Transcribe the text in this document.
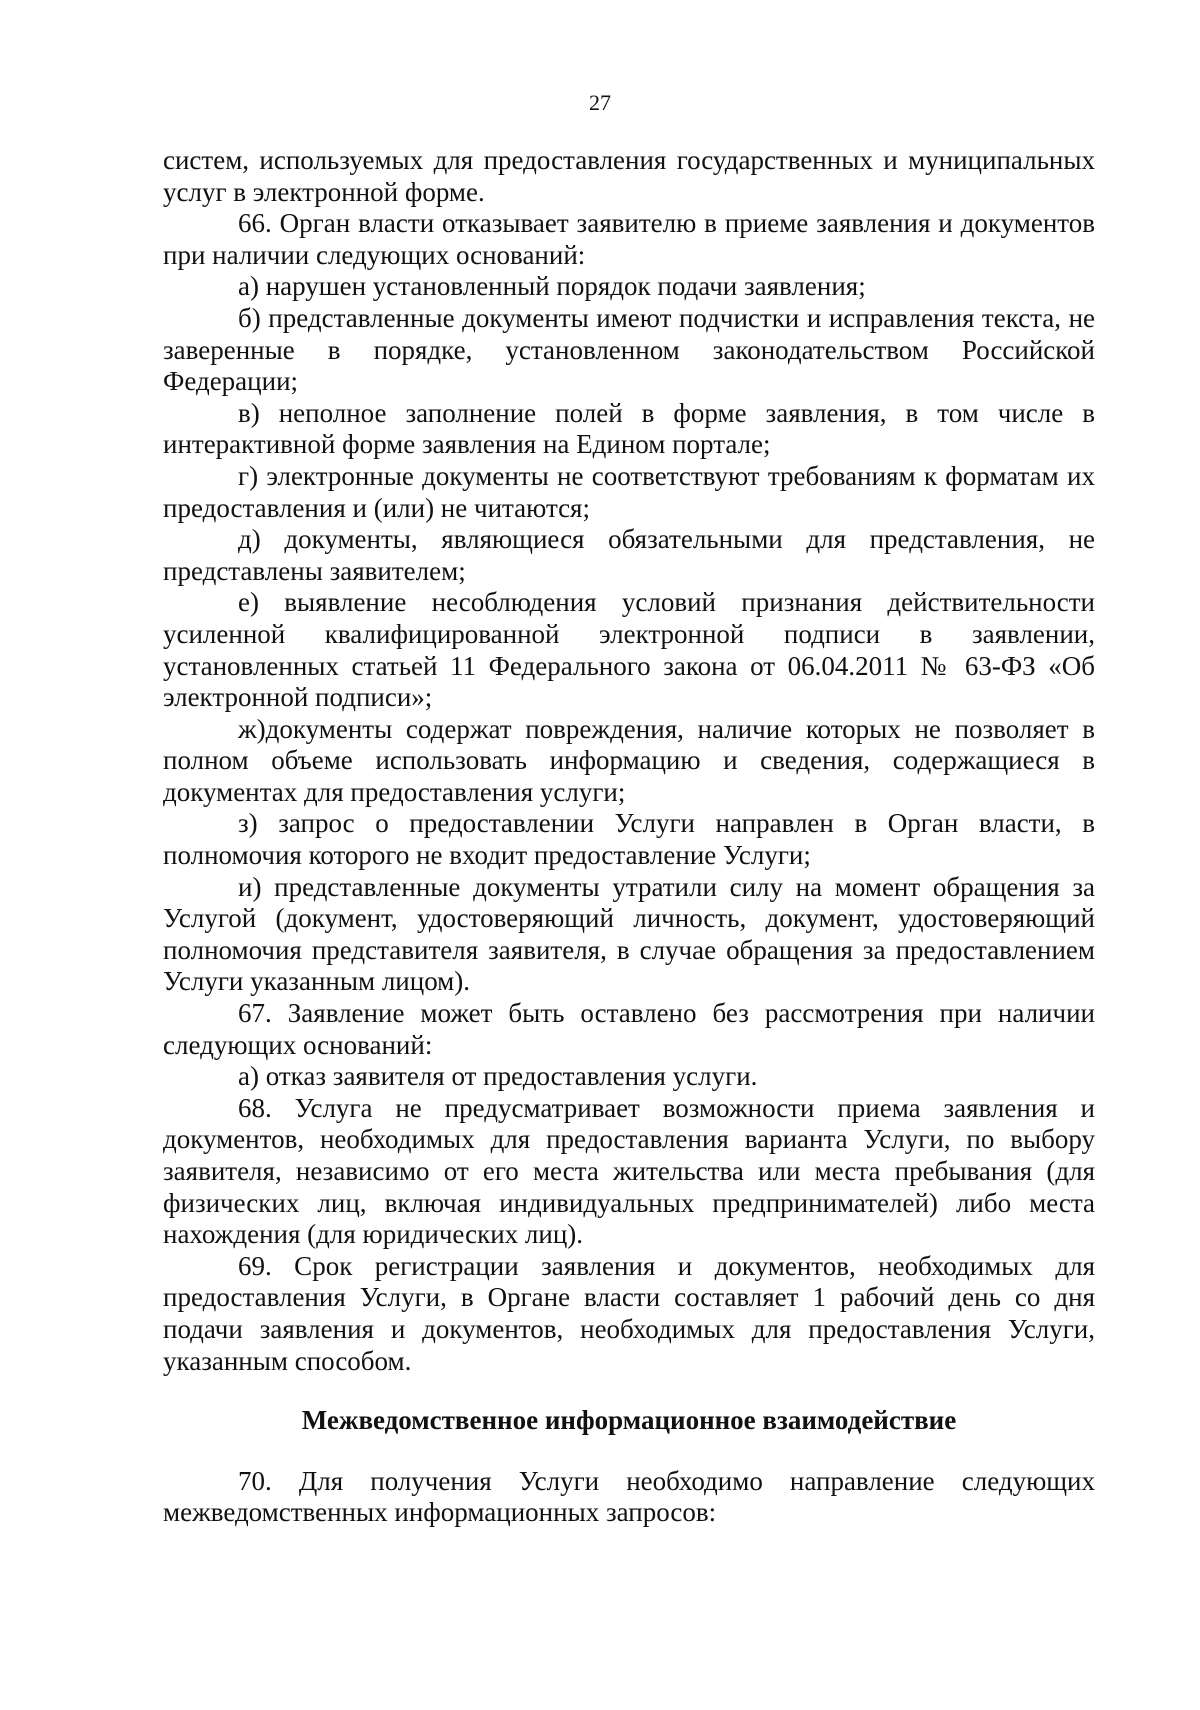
27

систем, используемых для предоставления государственных и муниципальных услуг в электронной форме.

66. Орган власти отказывает заявителю в приеме заявления и документов при наличии следующих оснований:

а) нарушен установленный порядок подачи заявления;

б) представленные документы имеют подчистки и исправления текста, не заверенные в порядке, установленном законодательством Российской Федерации;

в) неполное заполнение полей в форме заявления, в том числе в интерактивной форме заявления на Едином портале;

г) электронные документы не соответствуют требованиям к форматам их предоставления и (или) не читаются;

д) документы, являющиеся обязательными для представления, не представлены заявителем;

е) выявление несоблюдения условий признания действительности усиленной квалифицированной электронной подписи в заявлении, установленных статьей 11 Федерального закона от 06.04.2011 № 63-ФЗ «Об электронной подписи»;

ж)документы содержат повреждения, наличие которых не позволяет в полном объеме использовать информацию и сведения, содержащиеся в документах для предоставления услуги;

з) запрос о предоставлении Услуги направлен в Орган власти, в полномочия которого не входит предоставление Услуги;

и) представленные документы утратили силу на момент обращения за Услугой (документ, удостоверяющий личность, документ, удостоверяющий полномочия представителя заявителя, в случае обращения за предоставлением Услуги указанным лицом).

67. Заявление может быть оставлено без рассмотрения при наличии следующих оснований:

а) отказ заявителя от предоставления услуги.

68. Услуга не предусматривает возможности приема заявления и документов, необходимых для предоставления варианта Услуги, по выбору заявителя, независимо от его места жительства или места пребывания (для физических лиц, включая индивидуальных предпринимателей) либо места нахождения (для юридических лиц).

69. Срок регистрации заявления и документов, необходимых для предоставления Услуги, в Органе власти составляет 1 рабочий день со дня подачи заявления и документов, необходимых для предоставления Услуги, указанным способом.

Межведомственное информационное взаимодействие

70. Для получения Услуги необходимо направление следующих межведомственных информационных запросов:
